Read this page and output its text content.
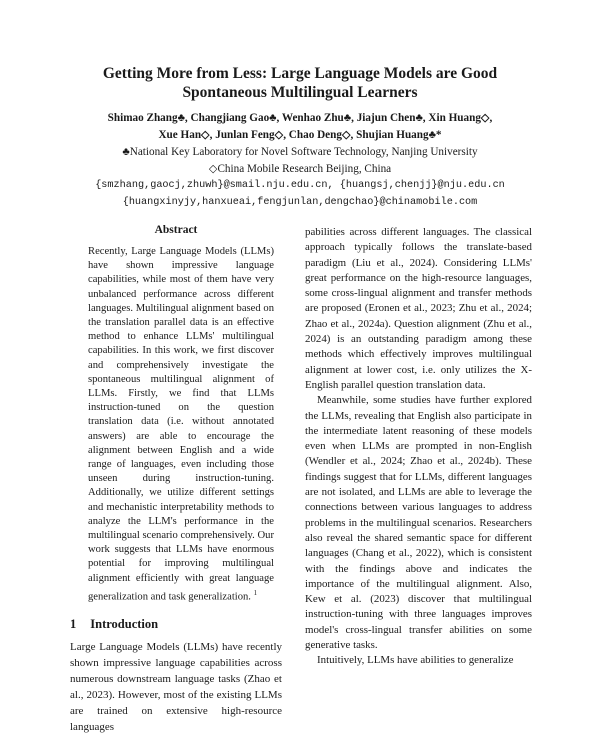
Getting More from Less: Large Language Models are Good
Spontaneous Multilingual Learners
Shimao Zhang♣, Changjiang Gao♣, Wenhao Zhu♣, Jiajun Chen♣, Xin Huang◇,
Xue Han◇, Junlan Feng◇, Chao Deng◇, Shujian Huang♣*
♣National Key Laboratory for Novel Software Technology, Nanjing University
◇China Mobile Research Beijing, China
{smzhang,gaocj,zhuwh}@smail.nju.edu.cn, {huangsj,chenjj}@nju.edu.cn
{huangxinyjy,hanxueai,fengjunlan,dengchao}@chinamobile.com
Abstract
Recently, Large Language Models (LLMs) have shown impressive language capabilities, while most of them have very unbalanced performance across different languages. Multilingual alignment based on the translation parallel data is an effective method to enhance LLMs' multilingual capabilities. In this work, we first discover and comprehensively investigate the spontaneous multilingual alignment of LLMs. Firstly, we find that LLMs instruction-tuned on the question translation data (i.e. without annotated answers) are able to encourage the alignment between English and a wide range of languages, even including those unseen during instruction-tuning. Additionally, we utilize different settings and mechanistic interpretability methods to analyze the LLM's performance in the multilingual scenario comprehensively. Our work suggests that LLMs have enormous potential for improving multilingual alignment efficiently with great language generalization and task generalization. $^1$
1 Introduction
Large Language Models (LLMs) have recently shown impressive language capabilities across numerous downstream language tasks (Zhao et al., 2023). However, most of the existing LLMs are trained on extensive high-resource languages

pabilities across different languages. The classical approach typically follows the translate-based paradigm (Liu et al., 2024). Considering LLMs' great performance on the high-resource languages, some cross-lingual alignment and transfer methods are proposed (Eronen et al., 2023; Zhu et al., 2024; Zhao et al., 2024a). Question alignment (Zhu et al., 2024) is an outstanding paradigm among these methods which effectively improves multilingual alignment at lower cost, i.e. only utilizes the X-English parallel question translation data.

Meanwhile, some studies have further explored the LLMs, revealing that English also participate in the intermediate latent reasoning of these models even when LLMs are prompted in non-English (Wendler et al., 2024; Zhao et al., 2024b). These findings suggest that for LLMs, different languages are not isolated, and LLMs are able to leverage the connections between various languages to address problems in the multilingual scenarios. Researchers also reveal the shared semantic space for different languages (Chang et al., 2022), which is consistent with the findings above and indicates the importance of the multilingual alignment. Also, Kew et al. (2023) discover that multilingual instruction-tuning with three languages improves model's cross-lingual transfer abilities on some generative tasks.

Intuitively, LLMs have abilities to generalize
